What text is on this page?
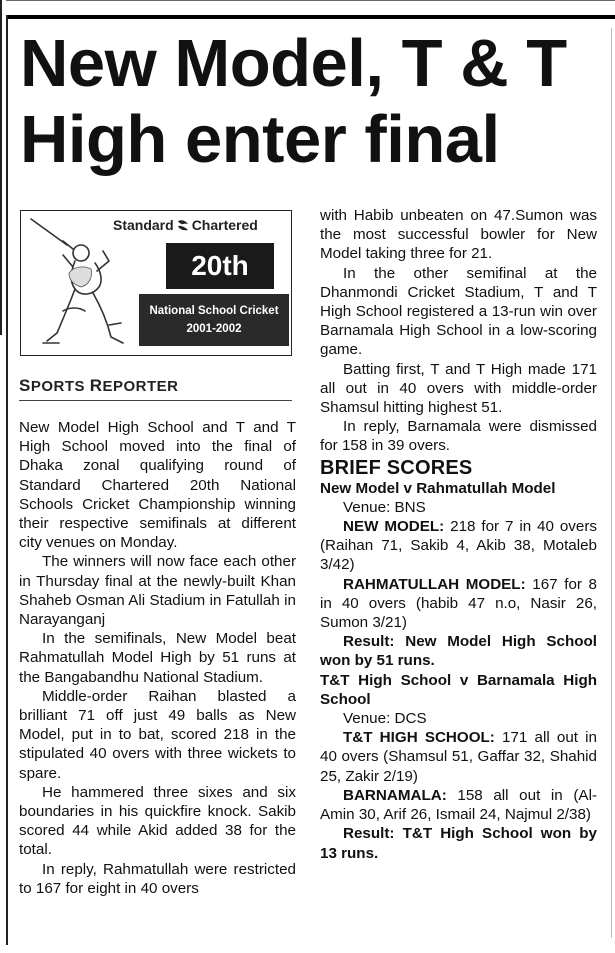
New Model, T & T
High enter final
Standard Chartered
20th
National School Cricket
2001-2002
SPORTS REPORTER

New Model High School and T and T High School moved into the final of Dhaka zonal qualifying round of Standard Chartered 20th National Schools Cricket Championship winning their respective semifinals at different city venues on Monday.

The winners will now face each other in Thursday final at the newly-built Khan Shaheb Osman Ali Stadium in Fatullah in Narayanganj

In the semifinals, New Model beat Rahmatullah Model High by 51 runs at the Bangabandhu National Stadium.

Middle-order Raihan blasted a brilliant 71 off just 49 balls as New Model, put in to bat, scored 218 in the stipulated 40 overs with three wickets to spare.

He hammered three sixes and six boundaries in his quickfire knock. Sakib scored 44 while Akid added 38 for the total.

In reply, Rahmatullah were restricted to 167 for eight in 40 overs

with Habib unbeaten on 47.Sumon was the most successful bowler for New Model taking three for 21.

In the other semifinal at the Dhanmondi Cricket Stadium, T and T High School registered a 13-run win over Barnamala High School in a low-scoring game.

Batting first, T and T High made 171 all out in 40 overs with middle-order Shamsul hitting highest 51.

In reply, Barnamala were dismissed for 158 in 39 overs.

BRIEF SCORES

New Model v Rahmatullah Model

Venue: BNS

NEW MODEL: 218 for 7 in 40 overs (Raihan 71, Sakib 4, Akib 38, Motaleb 3/42)

RAHMATULLAH MODEL: 167 for 8 in 40 overs (habib 47 n.o, Nasir 26, Sumon 3/21)

Result: New Model High School won by 51 runs.

T&T High School v Barnamala High School

Venue: DCS

T&T HIGH SCHOOL: 171 all out in 40 overs (Shamsul 51, Gaffar 32, Shahid 25, Zakir 2/19)

BARNAMALA: 158 all out in (Al-Amin 30, Arif 26, Ismail 24, Najmul 2/38)

Result: T&T High School won by 13 runs.
